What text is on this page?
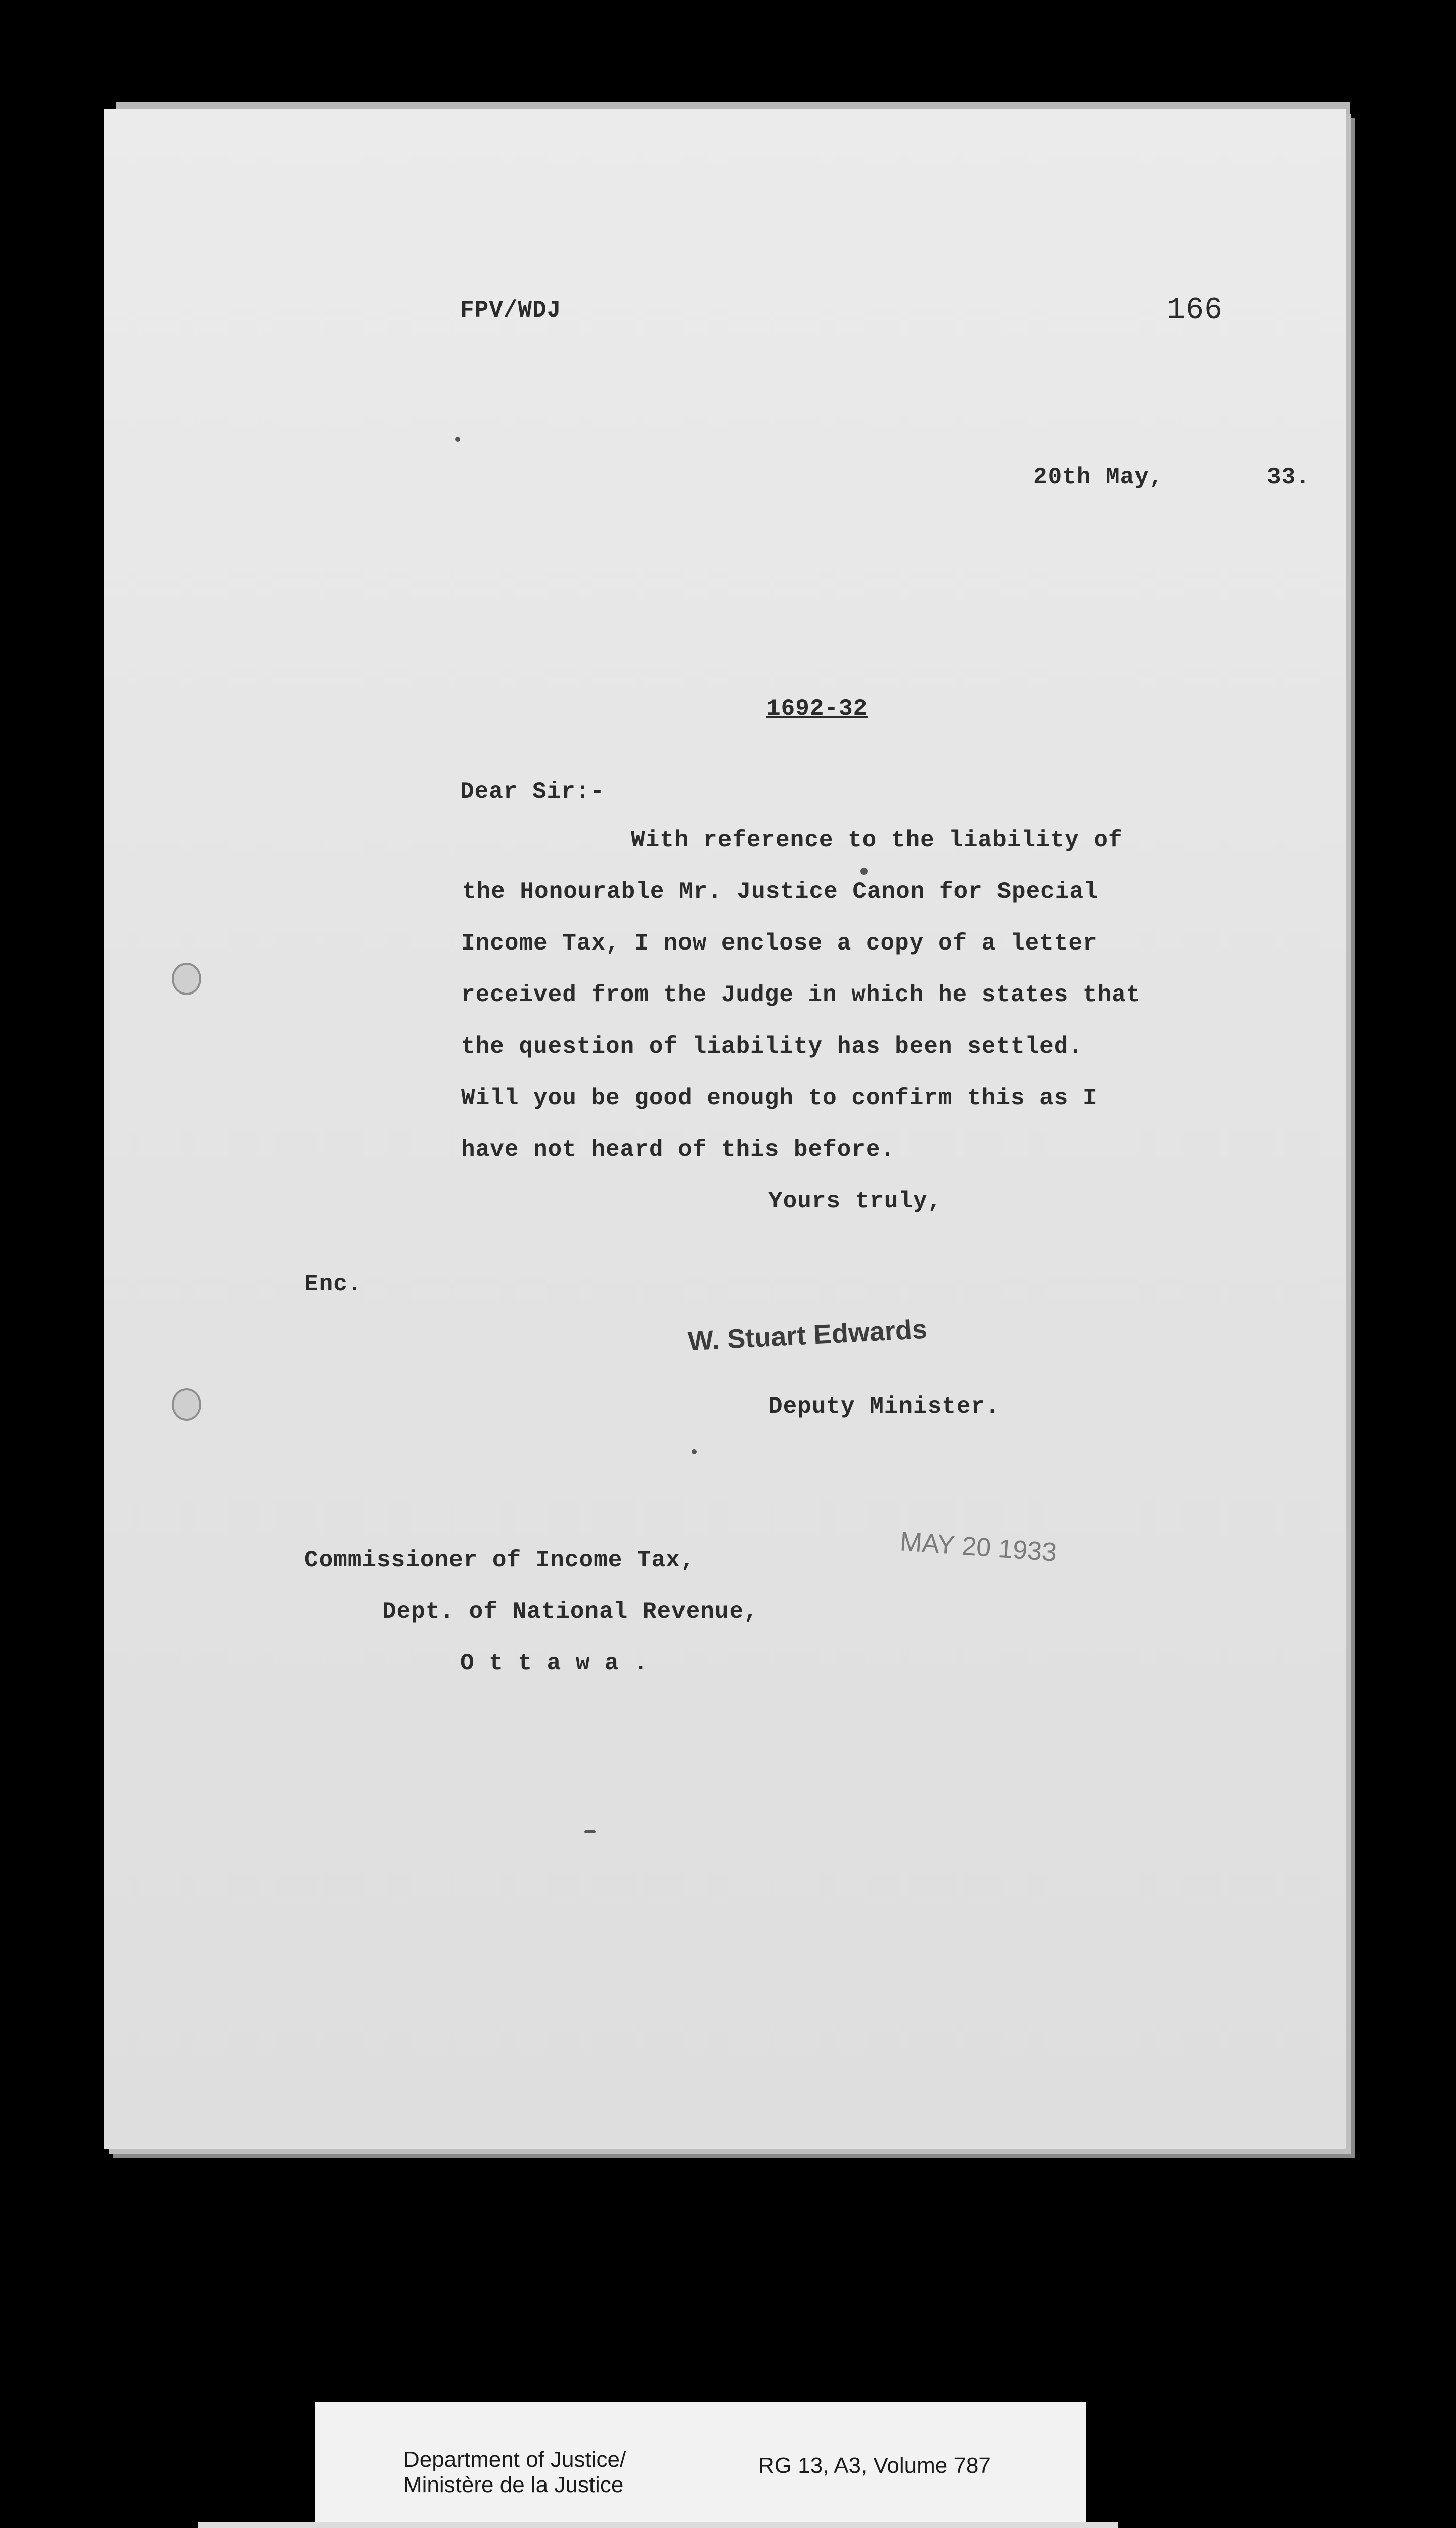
FPV/WDJ	166
20th May,	33.
1692-32
Dear Sir:-
With reference to the liability of
the Honourable Mr. Justice Canon for Special
Income Tax, I now enclose a copy of a letter
received from the Judge in which he states that
the question of liability has been settled.
Will you be good enough to confirm this as I
have not heard of this before.
Yours truly,
Enc.
W. Stuart Edwards
Deputy Minister.
Commissioner of Income Tax,
Dept. of National Revenue,
O t t a w a .
MAY 20 1933
Department of Justice/
Ministère de la Justice
RG 13, A3, Volume 787
